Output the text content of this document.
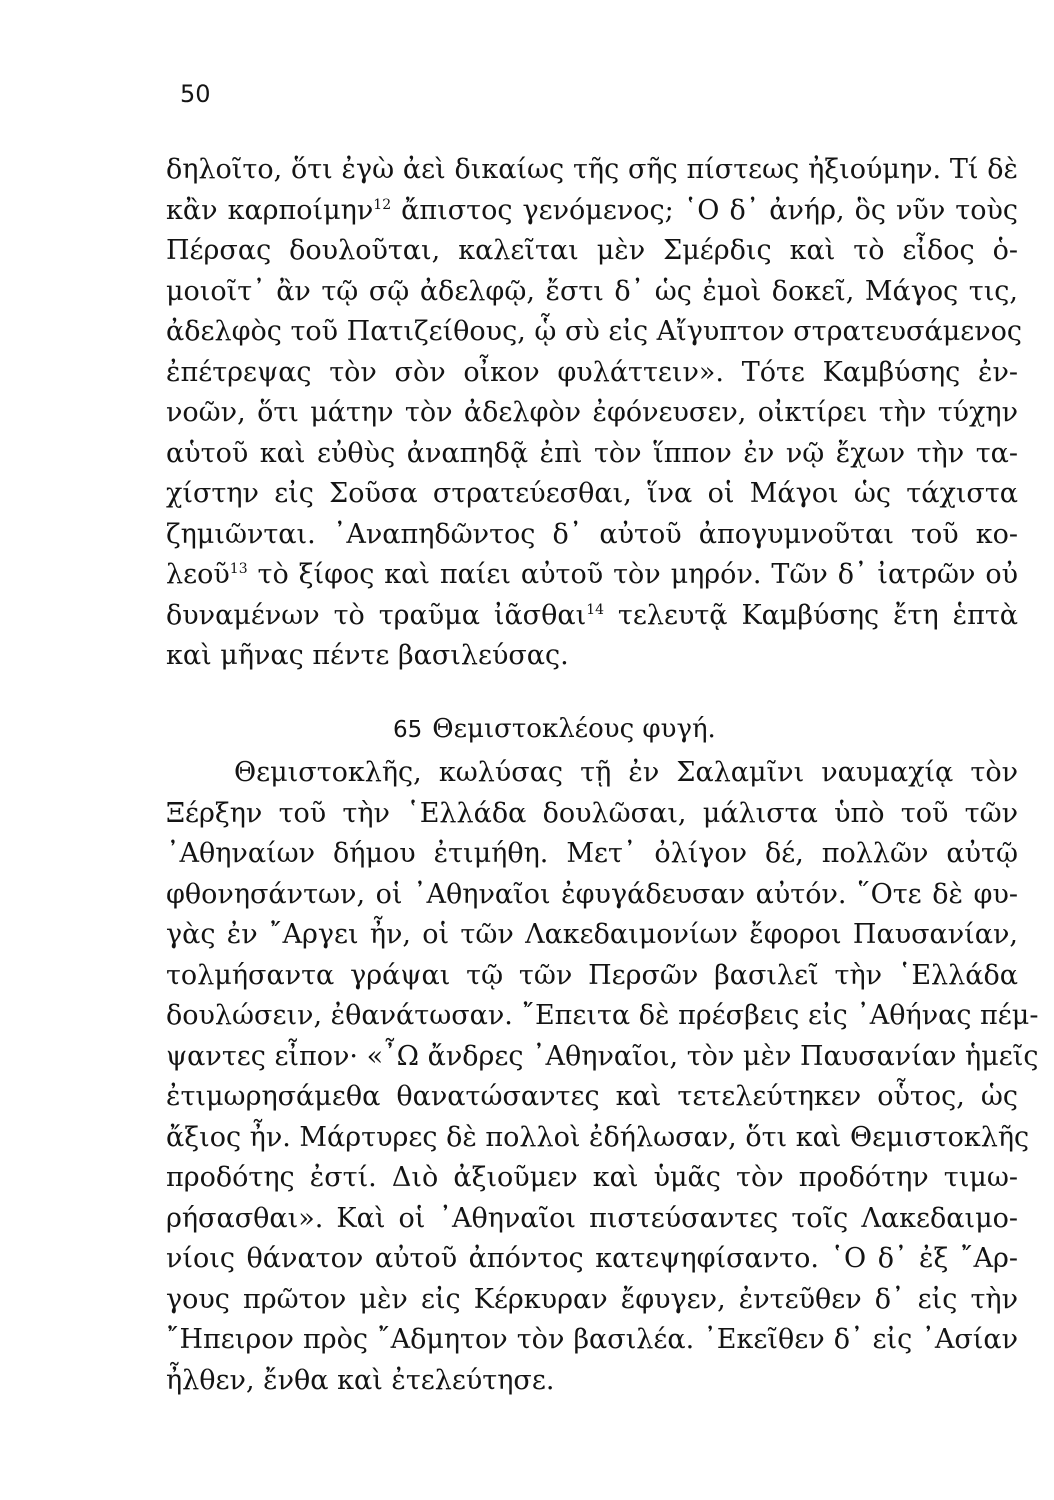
50
δηλοῖτο, ὅτι ἐγὼ ἀεὶ δικαίως τῆς σῆς πίστεως ἠξιούμην. Τί δὲ
κἂν καρποίμην$^{12}$ ἄπιστος γενόμενος; ῾Ο δ᾽ ἀνήρ, ὃς νῦν τοὺς
Πέρσας δουλοῦται, καλεῖται μὲν Σμέρδις καὶ τὸ εἶδος ὁ-
μοιοῖτ᾽ ἂν τῷ σῷ ἀδελφῷ, ἔστι δ᾽ ὡς ἐμοὶ δοκεῖ, Μάγος τις,
ἀδελφὸς τοῦ Πατιζείθους, ᾧ σὺ εἰς Αἴγυπτον στρατευσάμενος
ἐπέτρεψας τὸν σὸν οἶκον φυλάττειν». Τότε Καμβύσης ἐν-
νοῶν, ὅτι μάτην τὸν ἀδελφὸν ἐφόνευσεν, οἰκτίρει τὴν τύχην
αὑτοῦ καὶ εὐθὺς ἀναπηδᾷ ἐπὶ τὸν ἵππον ἐν νῷ ἔχων τὴν τα-
χίστην εἰς Σοῦσα στρατεύεσθαι, ἵνα οἱ Μάγοι ὡς τάχιστα
ζημιῶνται. ᾿Αναπηδῶντος δ᾽ αὐτοῦ ἀπογυμνοῦται τοῦ κο-
λεοῦ$^{13}$ τὸ ξίφος καὶ παίει αὐτοῦ τὸν μηρόν. Τῶν δ᾽ ἰατρῶν οὐ
δυναμένων τὸ τραῦμα ἰᾶσθαι$^{14}$ τελευτᾷ Καμβύσης ἔτη ἑπτὰ
καὶ μῆνας πέντε βασιλεύσας.
65 Θεμιστοκλέους φυγή.
Θεμιστοκλῆς, κωλύσας τῇ ἐν Σαλαμῖνι ναυμαχίᾳ τὸν
Ξέρξην τοῦ τὴν ῾Ελλάδα δουλῶσαι, μάλιστα ὑπὸ τοῦ τῶν
᾿Αθηναίων δήμου ἐτιμήθη. Μετ᾽ ὀλίγον δέ, πολλῶν αὐτῷ
φθονησάντων, οἱ ᾿Αθηναῖοι ἐφυγάδευσαν αὐτόν. ῞Οτε δὲ φυ-
γὰς ἐν ῎Αργει ἦν, οἱ τῶν Λακεδαιμονίων ἔφοροι Παυσανίαν,
τολμήσαντα γράψαι τῷ τῶν Περσῶν βασιλεῖ τὴν ῾Ελλάδα
δουλώσειν, ἐθανάτωσαν. ῎Επειτα δὲ πρέσβεις εἰς ᾿Αθήνας πέμ-
ψαντες εἶπον· «῏Ω ἄνδρες ᾿Αθηναῖοι, τὸν μὲν Παυσανίαν ἡμεῖς
ἐτιμωρησάμεθα θανατώσαντες καὶ τετελεύτηκεν οὗτος, ὡς
ἄξιος ἦν. Μάρτυρες δὲ πολλοὶ ἐδήλωσαν, ὅτι καὶ Θεμιστοκλῆς
προδότης ἐστί. Διὸ ἀξιοῦμεν καὶ ὑμᾶς τὸν προδότην τιμω-
ρήσασθαι». Καὶ οἱ ᾿Αθηναῖοι πιστεύσαντες τοῖς Λακεδαιμο-
νίοις θάνατον αὐτοῦ ἀπόντος κατεψηφίσαντο. ῾Ο δ᾽ ἐξ ῎Αρ-
γους πρῶτον μὲν εἰς Κέρκυραν ἔφυγεν, ἐντεῦθεν δ᾽ εἰς τὴν
῎Ηπειρον πρὸς ῎Αδμητον τὸν βασιλέα. ᾿Εκεῖθεν δ᾽ εἰς ᾿Ασίαν
ἦλθεν, ἔνθα καὶ ἐτελεύτησε.
